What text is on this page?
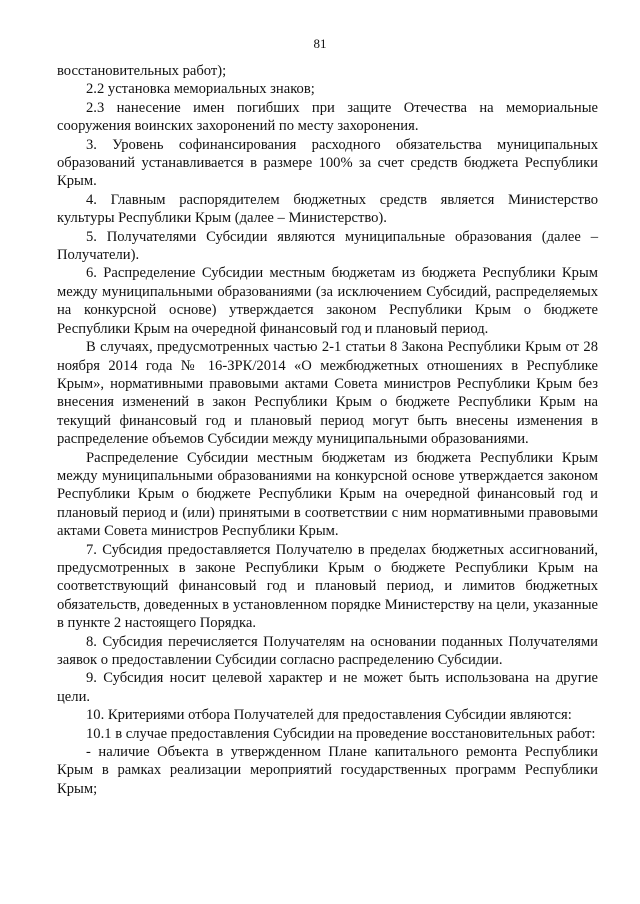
81

восстановительных работ);

2.2 установка мемориальных знаков;

2.3 нанесение имен погибших при защите Отечества на мемориальные сооружения воинских захоронений по месту захоронения.

3. Уровень софинансирования расходного обязательства муниципальных образований устанавливается в размере 100% за счет средств бюджета Республики Крым.

4. Главным распорядителем бюджетных средств является Министерство культуры Республики Крым (далее – Министерство).

5. Получателями Субсидии являются муниципальные образования (далее – Получатели).

6. Распределение Субсидии местным бюджетам из бюджета Республики Крым между муниципальными образованиями (за исключением Субсидий, распределяемых на конкурсной основе) утверждается законом Республики Крым о бюджете Республики Крым на очередной финансовый год и плановый период.

В случаях, предусмотренных частью 2-1 статьи 8 Закона Республики Крым от 28 ноября 2014 года № 16-ЗРК/2014 «О межбюджетных отношениях в Республике Крым», нормативными правовыми актами Совета министров Республики Крым без внесения изменений в закон Республики Крым о бюджете Республики Крым на текущий финансовый год и плановый период могут быть внесены изменения в распределение объемов Субсидии между муниципальными образованиями.

Распределение Субсидии местным бюджетам из бюджета Республики Крым между муниципальными образованиями на конкурсной основе утверждается законом Республики Крым о бюджете Республики Крым на очередной финансовый год и плановый период и (или) принятыми в соответствии с ним нормативными правовыми актами Совета министров Республики Крым.

7. Субсидия предоставляется Получателю в пределах бюджетных ассигнований, предусмотренных в законе Республики Крым о бюджете Республики Крым на соответствующий финансовый год и плановый период, и лимитов бюджетных обязательств, доведенных в установленном порядке Министерству на цели, указанные в пункте 2 настоящего Порядка.

8. Субсидия перечисляется Получателям на основании поданных Получателями заявок о предоставлении Субсидии согласно распределению Субсидии.

9. Субсидия носит целевой характер и не может быть использована на другие цели.

10. Критериями отбора Получателей для предоставления Субсидии являются:

10.1 в случае предоставления Субсидии на проведение восстановительных работ:

- наличие Объекта в утвержденном Плане капитального ремонта Республики Крым в рамках реализации мероприятий государственных программ Республики Крым;
